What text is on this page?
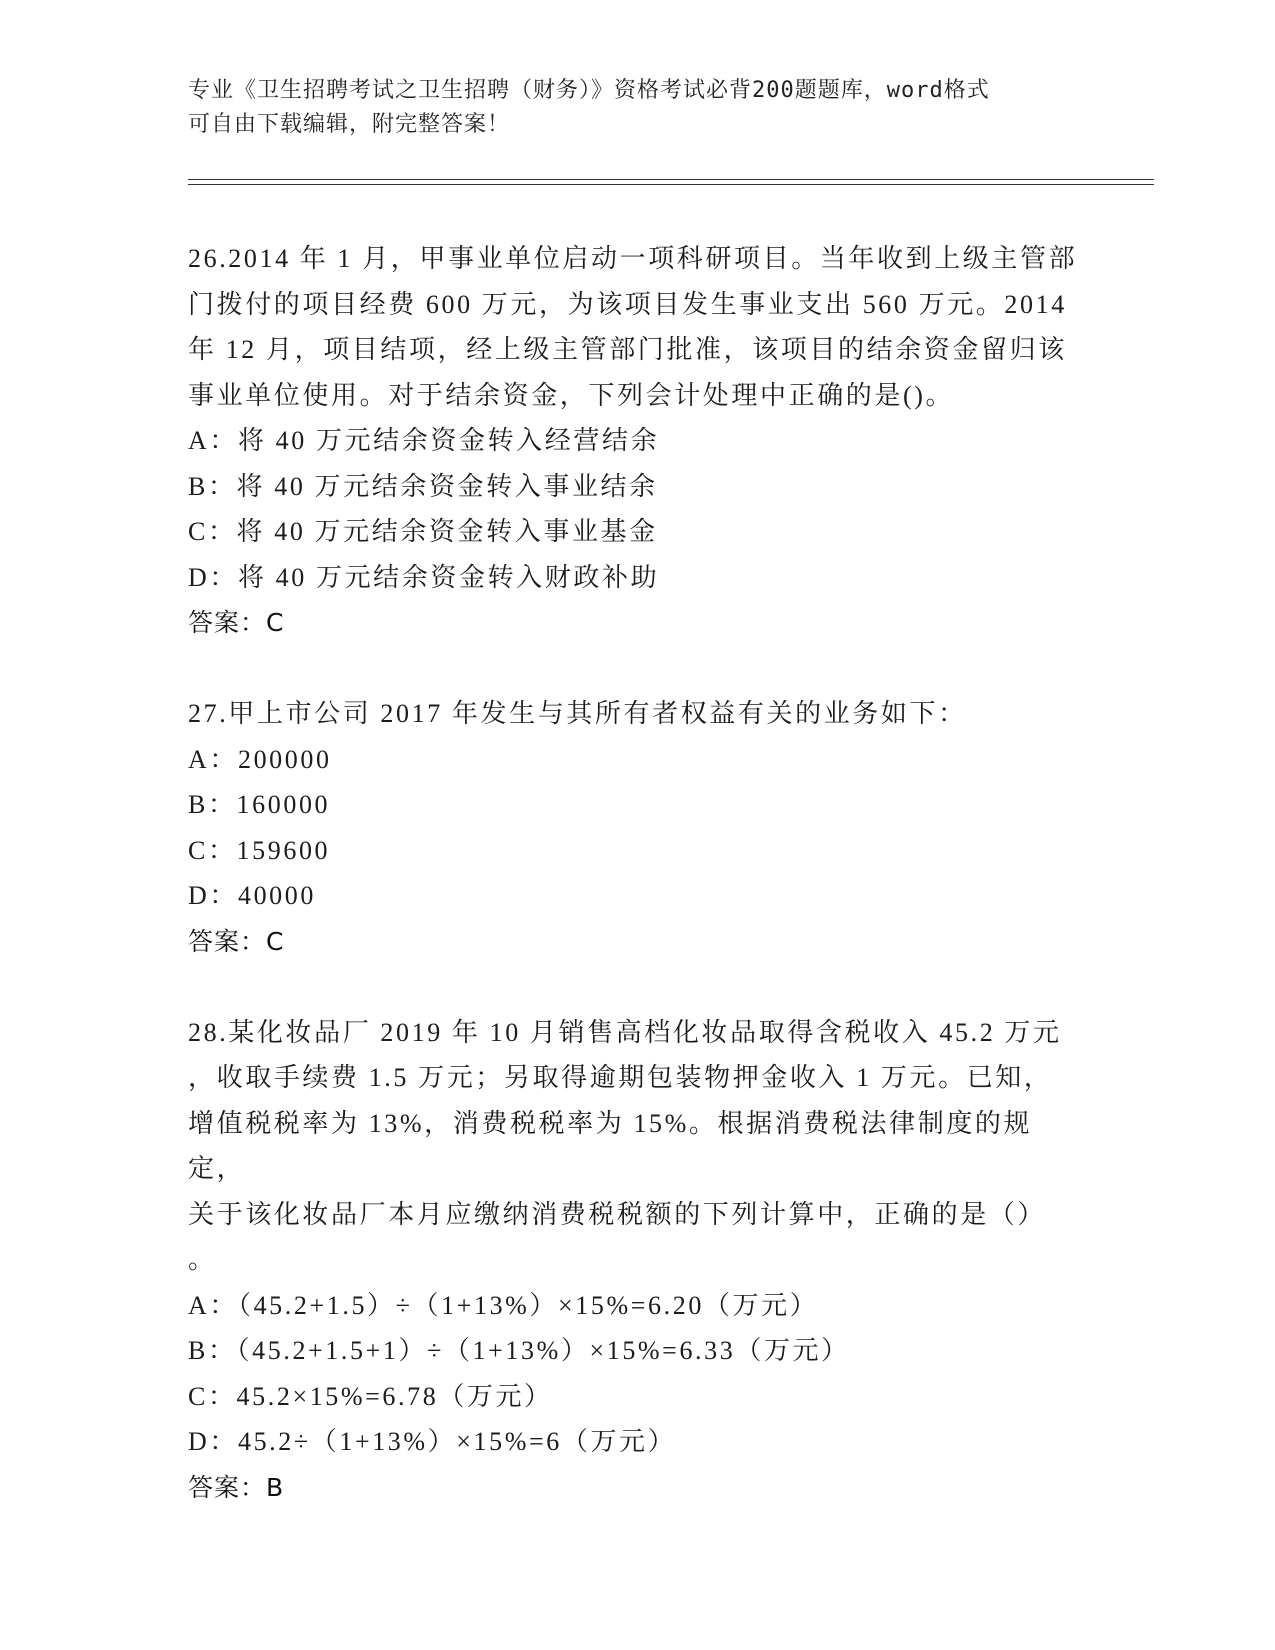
专业《卫生招聘考试之卫生招聘（财务）》资格考试必背200题题库，word格式
可自由下载编辑，附完整答案！

26.2014 年 1 月，甲事业单位启动一项科研项目。当年收到上级主管部

门拨付的项目经费 600 万元，为该项目发生事业支出 560 万元。2014

年 12 月，项目结项，经上级主管部门批准，该项目的结余资金留归该

事业单位使用。对于结余资金，下列会计处理中正确的是()。

A：将 40 万元结余资金转入经营结余

B：将 40 万元结余资金转入事业结余

C：将 40 万元结余资金转入事业基金

D：将 40 万元结余资金转入财政补助

答案：C

27.甲上市公司 2017 年发生与其所有者权益有关的业务如下：

A：200000

B：160000

C：159600

D：40000

答案：C

28.某化妆品厂 2019 年 10 月销售高档化妆品取得含税收入 45.2 万元

，收取手续费 1.5 万元；另取得逾期包装物押金收入 1 万元。已知，

增值税税率为 13%，消费税税率为 15%。根据消费税法律制度的规定，

关于该化妆品厂本月应缴纳消费税税额的下列计算中，正确的是（）

。

A：（45.2+1.5）÷（1+13%）×15%=6.20（万元）

B：（45.2+1.5+1）÷（1+13%）×15%=6.33（万元）

C：45.2×15%=6.78（万元）

D：45.2÷（1+13%）×15%=6（万元）

答案：B
